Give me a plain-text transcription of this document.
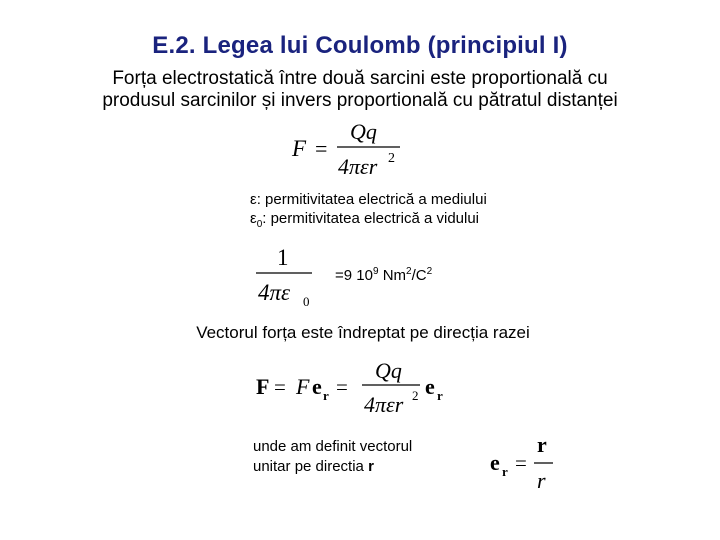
E.2. Legea lui Coulomb (principiul I)
Forța electrostatică între două sarcini este proportională cu
produsul sarcinilor și invers proportională cu pătratul distanței
F =
Qq
4πεr 2
ε: permitivitatea electrică a mediului
$\varepsilon_0$: permitivitatea electrică a vidului
1
4πε 0
=9 $10^9$ $Nm^2/C^2$
Vectorul forța este îndreptat pe direcția razei
F = F e r =
Qq
4πεr 2 e r
unde am definit vectorul
unitar pe directia r	e r =
r
r
